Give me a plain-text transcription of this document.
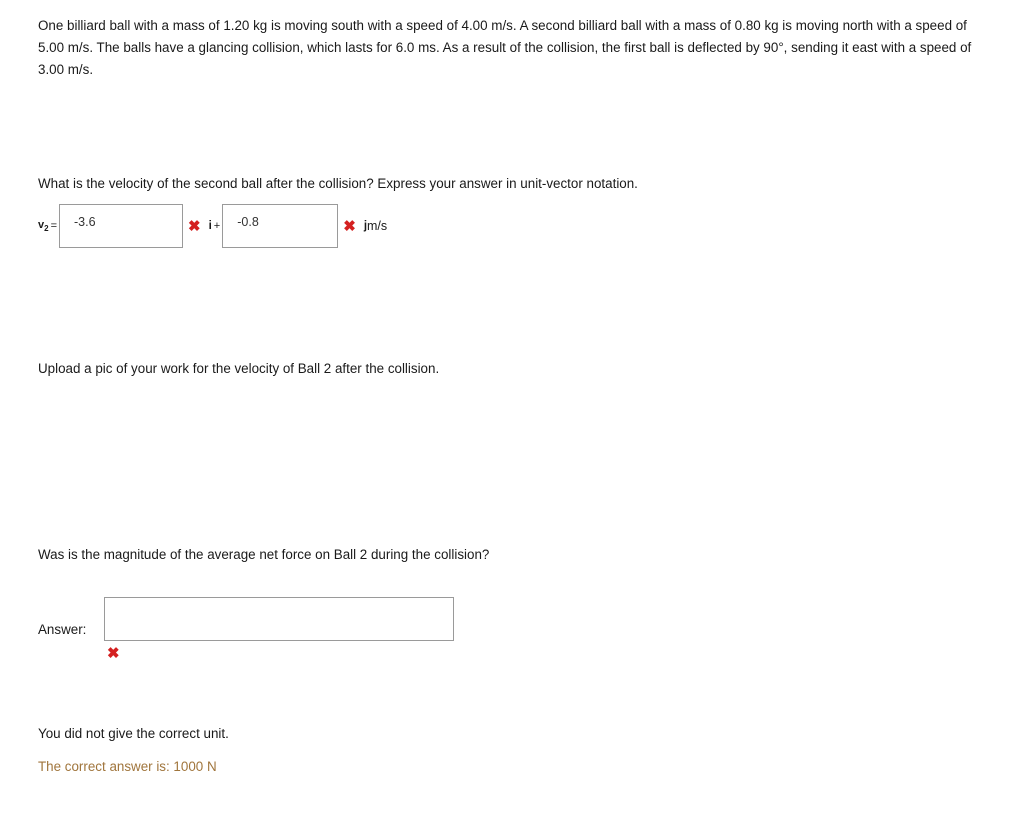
One billiard ball with a mass of 1.20 kg is moving south with a speed of 4.00 m/s. A second billiard ball with a mass of 0.80 kg is moving north with a speed of 5.00 m/s. The balls have a glancing collision, which lasts for 6.0 ms. As a result of the collision, the first ball is deflected by 90°, sending it east with a speed of 3.00 m/s.

What is the velocity of the second ball after the collision? Express your answer in unit-vector notation.

$v_2$ =
-3.6	✖ i +
-0.8	✖ j m/s

Upload a pic of your work for the velocity of Ball 2 after the collision.

Was is the magnitude of the average net force on Ball 2 during the collision?

Answer:
✖

You did not give the correct unit.

The correct answer is: 1000 N
